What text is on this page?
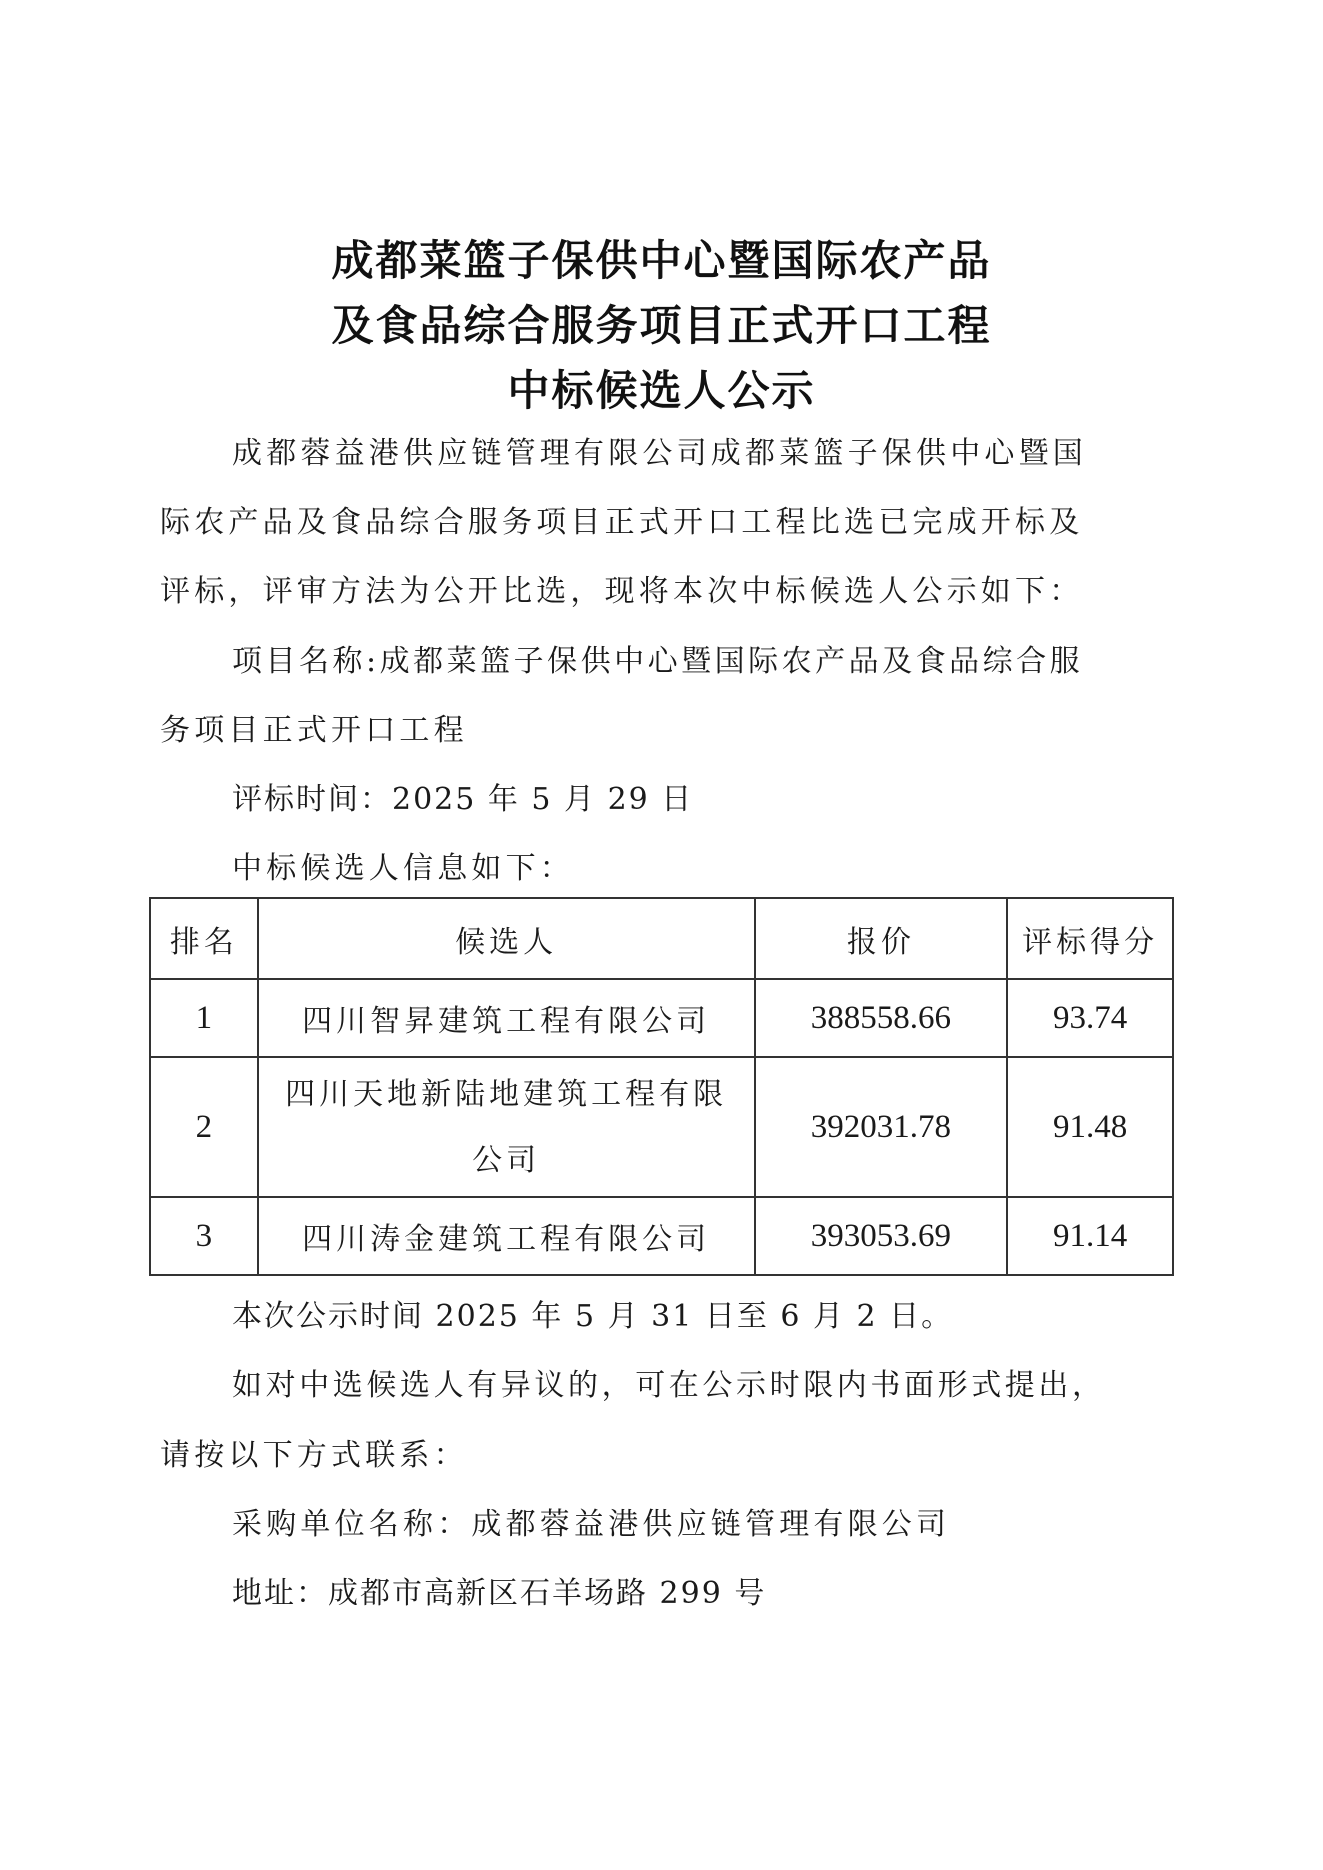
成都菜篮子保供中心暨国际农产品
及食品综合服务项目正式开口工程
中标候选人公示
成都蓉益港供应链管理有限公司成都菜篮子保供中心暨国
际农产品及食品综合服务项目正式开口工程比选已完成开标及
评标，评审方法为公开比选，现将本次中标候选人公示如下：
项目名称:成都菜篮子保供中心暨国际农产品及食品综合服
务项目正式开口工程
评标时间：2025 年 5 月 29 日
中标候选人信息如下：
排名	候选人	报价	评标得分
1	四川智昇建筑工程有限公司	388558.66	93.74
2	四川天地新陆地建筑工程有限
公司	392031.78	91.48
3	四川涛金建筑工程有限公司	393053.69	91.14
本次公示时间 2025 年 5 月 31 日至 6 月 2 日。
如对中选候选人有异议的，可在公示时限内书面形式提出，
请按以下方式联系：
采购单位名称：成都蓉益港供应链管理有限公司
地址：成都市高新区石羊场路 299 号
